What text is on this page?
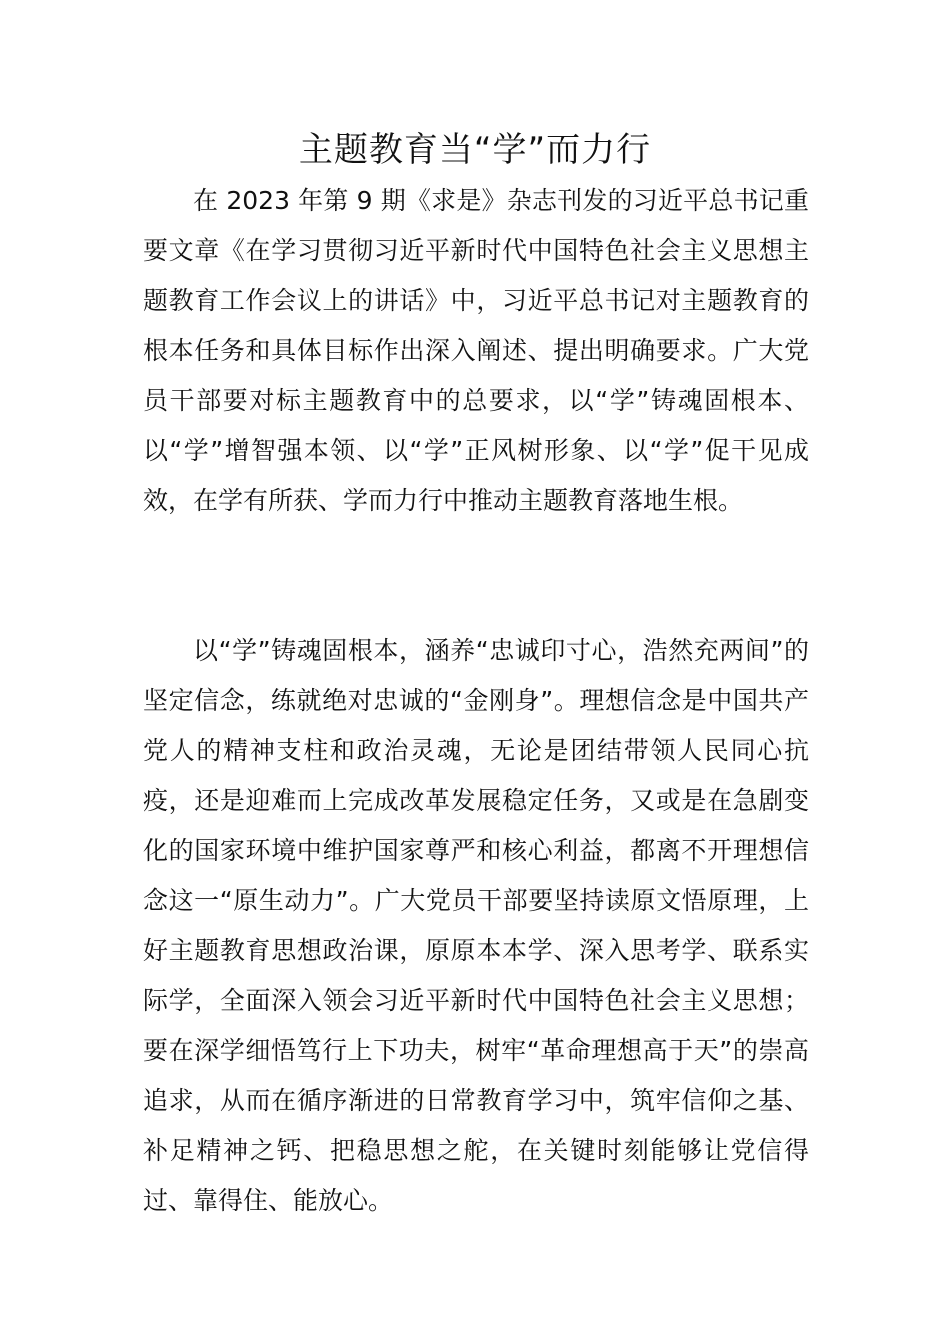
主题教育当“学”而力行

在 2023 年第 9 期《求是》杂志刊发的习近平总书记重要文章《在学习贯彻习近平新时代中国特色社会主义思想主题教育工作会议上的讲话》中，习近平总书记对主题教育的根本任务和具体目标作出深入阐述、提出明确要求。广大党员干部要对标主题教育中的总要求，以“学”铸魂固根本、以“学”增智强本领、以“学”正风树形象、以“学”促干见成效，在学有所获、学而力行中推动主题教育落地生根。

以“学”铸魂固根本，涵养“忠诚印寸心，浩然充两间”的坚定信念，练就绝对忠诚的“金刚身”。理想信念是中国共产党人的精神支柱和政治灵魂，无论是团结带领人民同心抗疫，还是迎难而上完成改革发展稳定任务，又或是在急剧变化的国家环境中维护国家尊严和核心利益，都离不开理想信念这一“原生动力”。广大党员干部要坚持读原文悟原理，上好主题教育思想政治课，原原本本学、深入思考学、联系实际学，全面深入领会习近平新时代中国特色社会主义思想；要在深学细悟笃行上下功夫，树牢“革命理想高于天”的崇高追求，从而在循序渐进的日常教育学习中，筑牢信仰之基、补足精神之钙、把稳思想之舵，在关键时刻能够让党信得过、靠得住、能放心。
